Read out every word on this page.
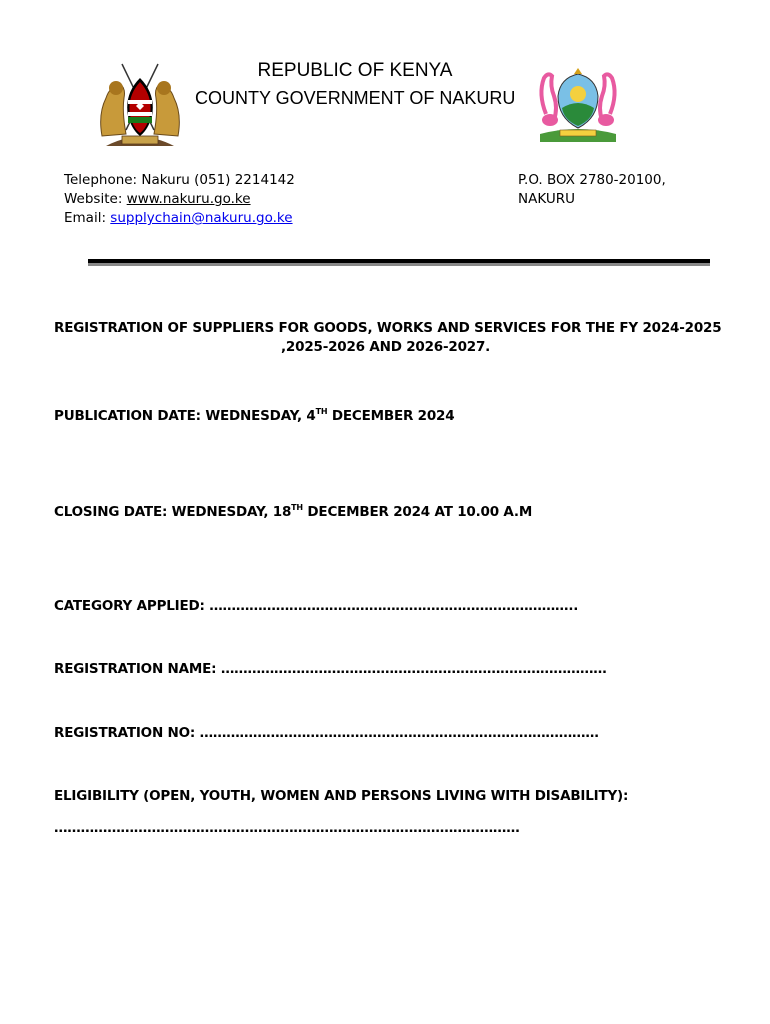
REPUBLIC OF KENYA
COUNTY GOVERNMENT OF NAKURU
Telephone: Nakuru (051) 2214142
Website: www.nakuru.go.ke
Email: supplychain@nakuru.go.ke
P.O. BOX 2780-20100,
NAKURU
REGISTRATION OF SUPPLIERS FOR GOODS, WORKS AND SERVICES FOR THE FY 2024-2025
,2025-2026 AND 2026-2027.
PUBLICATION DATE: WEDNESDAY, 4TH DECEMBER 2024
CLOSING DATE: WEDNESDAY, 18TH DECEMBER 2024 AT 10.00 A.M
CATEGORY APPLIED: ………………………………………………………………………..
REGISTRATION NAME: ……………………………………………………………………………
REGISTRATION NO: ………………………………………………………………………………
ELIGIBILITY (OPEN, YOUTH, WOMEN AND PERSONS LIVING WITH DISABILITY):
……………………………………………………………………………………………
